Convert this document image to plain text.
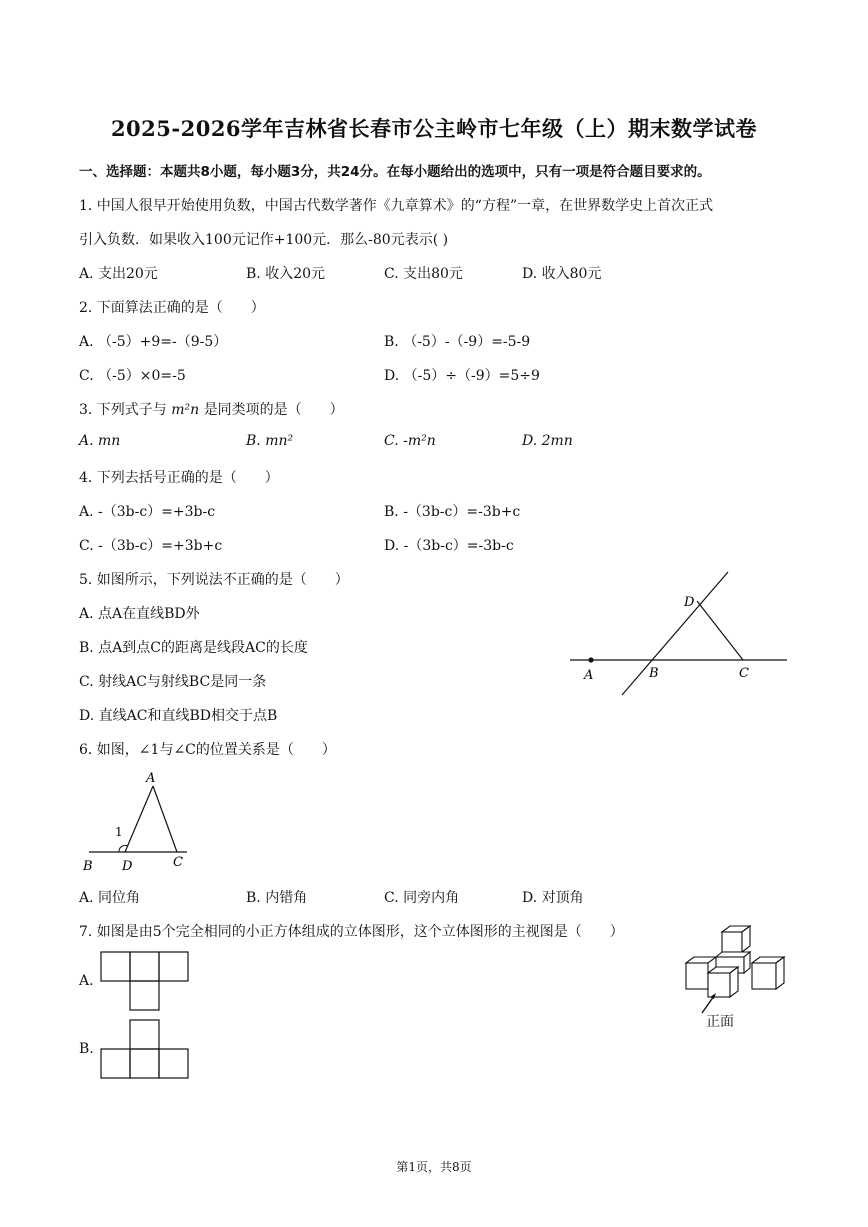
2025-2026学年吉林省长春市公主岭市七年级（上）期末数学试卷
一、选择题：本题共8小题，每小题3分，共24分。在每小题给出的选项中，只有一项是符合题目要求的。
1. 中国人很早开始使用负数，中国古代数学著作《九章算术》的“方程”一章，在世界数学史上首次正式
引入负数．如果收入100元记作+100元．那么-80元表示( )
A. 支出20元	B. 收入20元	C. 支出80元	D. 收入80元
2. 下面算法正确的是（　　）
A. （-5）+9=-（9-5）	B. （-5）-（-9）=-5-9
C. （-5）×0=-5	D. （-5）÷（-9）=5÷9
3. 下列式子与 m²n 是同类项的是（　　）
A. mn	B. mn²	C. -m²n	D. 2mn
4. 下列去括号正确的是（　　）
A. -（3b-c）=+3b-c	B. -（3b-c）=-3b+c
C. -（3b-c）=+3b+c	D. -（3b-c）=-3b-c
5. 如图所示，下列说法不正确的是（　　）
A. 点A在直线BD外
B. 点A到点C的距离是线段AC的长度
C. 射线AC与射线BC是同一条
D. 直线AC和直线BD相交于点B
A	B	C
D
6. 如图，∠1与∠C的位置关系是（　　）
A
B D	C
1
A. 同位角	B. 内错角	C. 同旁内角	D. 对顶角
7. 如图是由5个完全相同的小正方体组成的立体图形，这个立体图形的主视图是（　　）
A.
B.
正面
第1页，共8页
